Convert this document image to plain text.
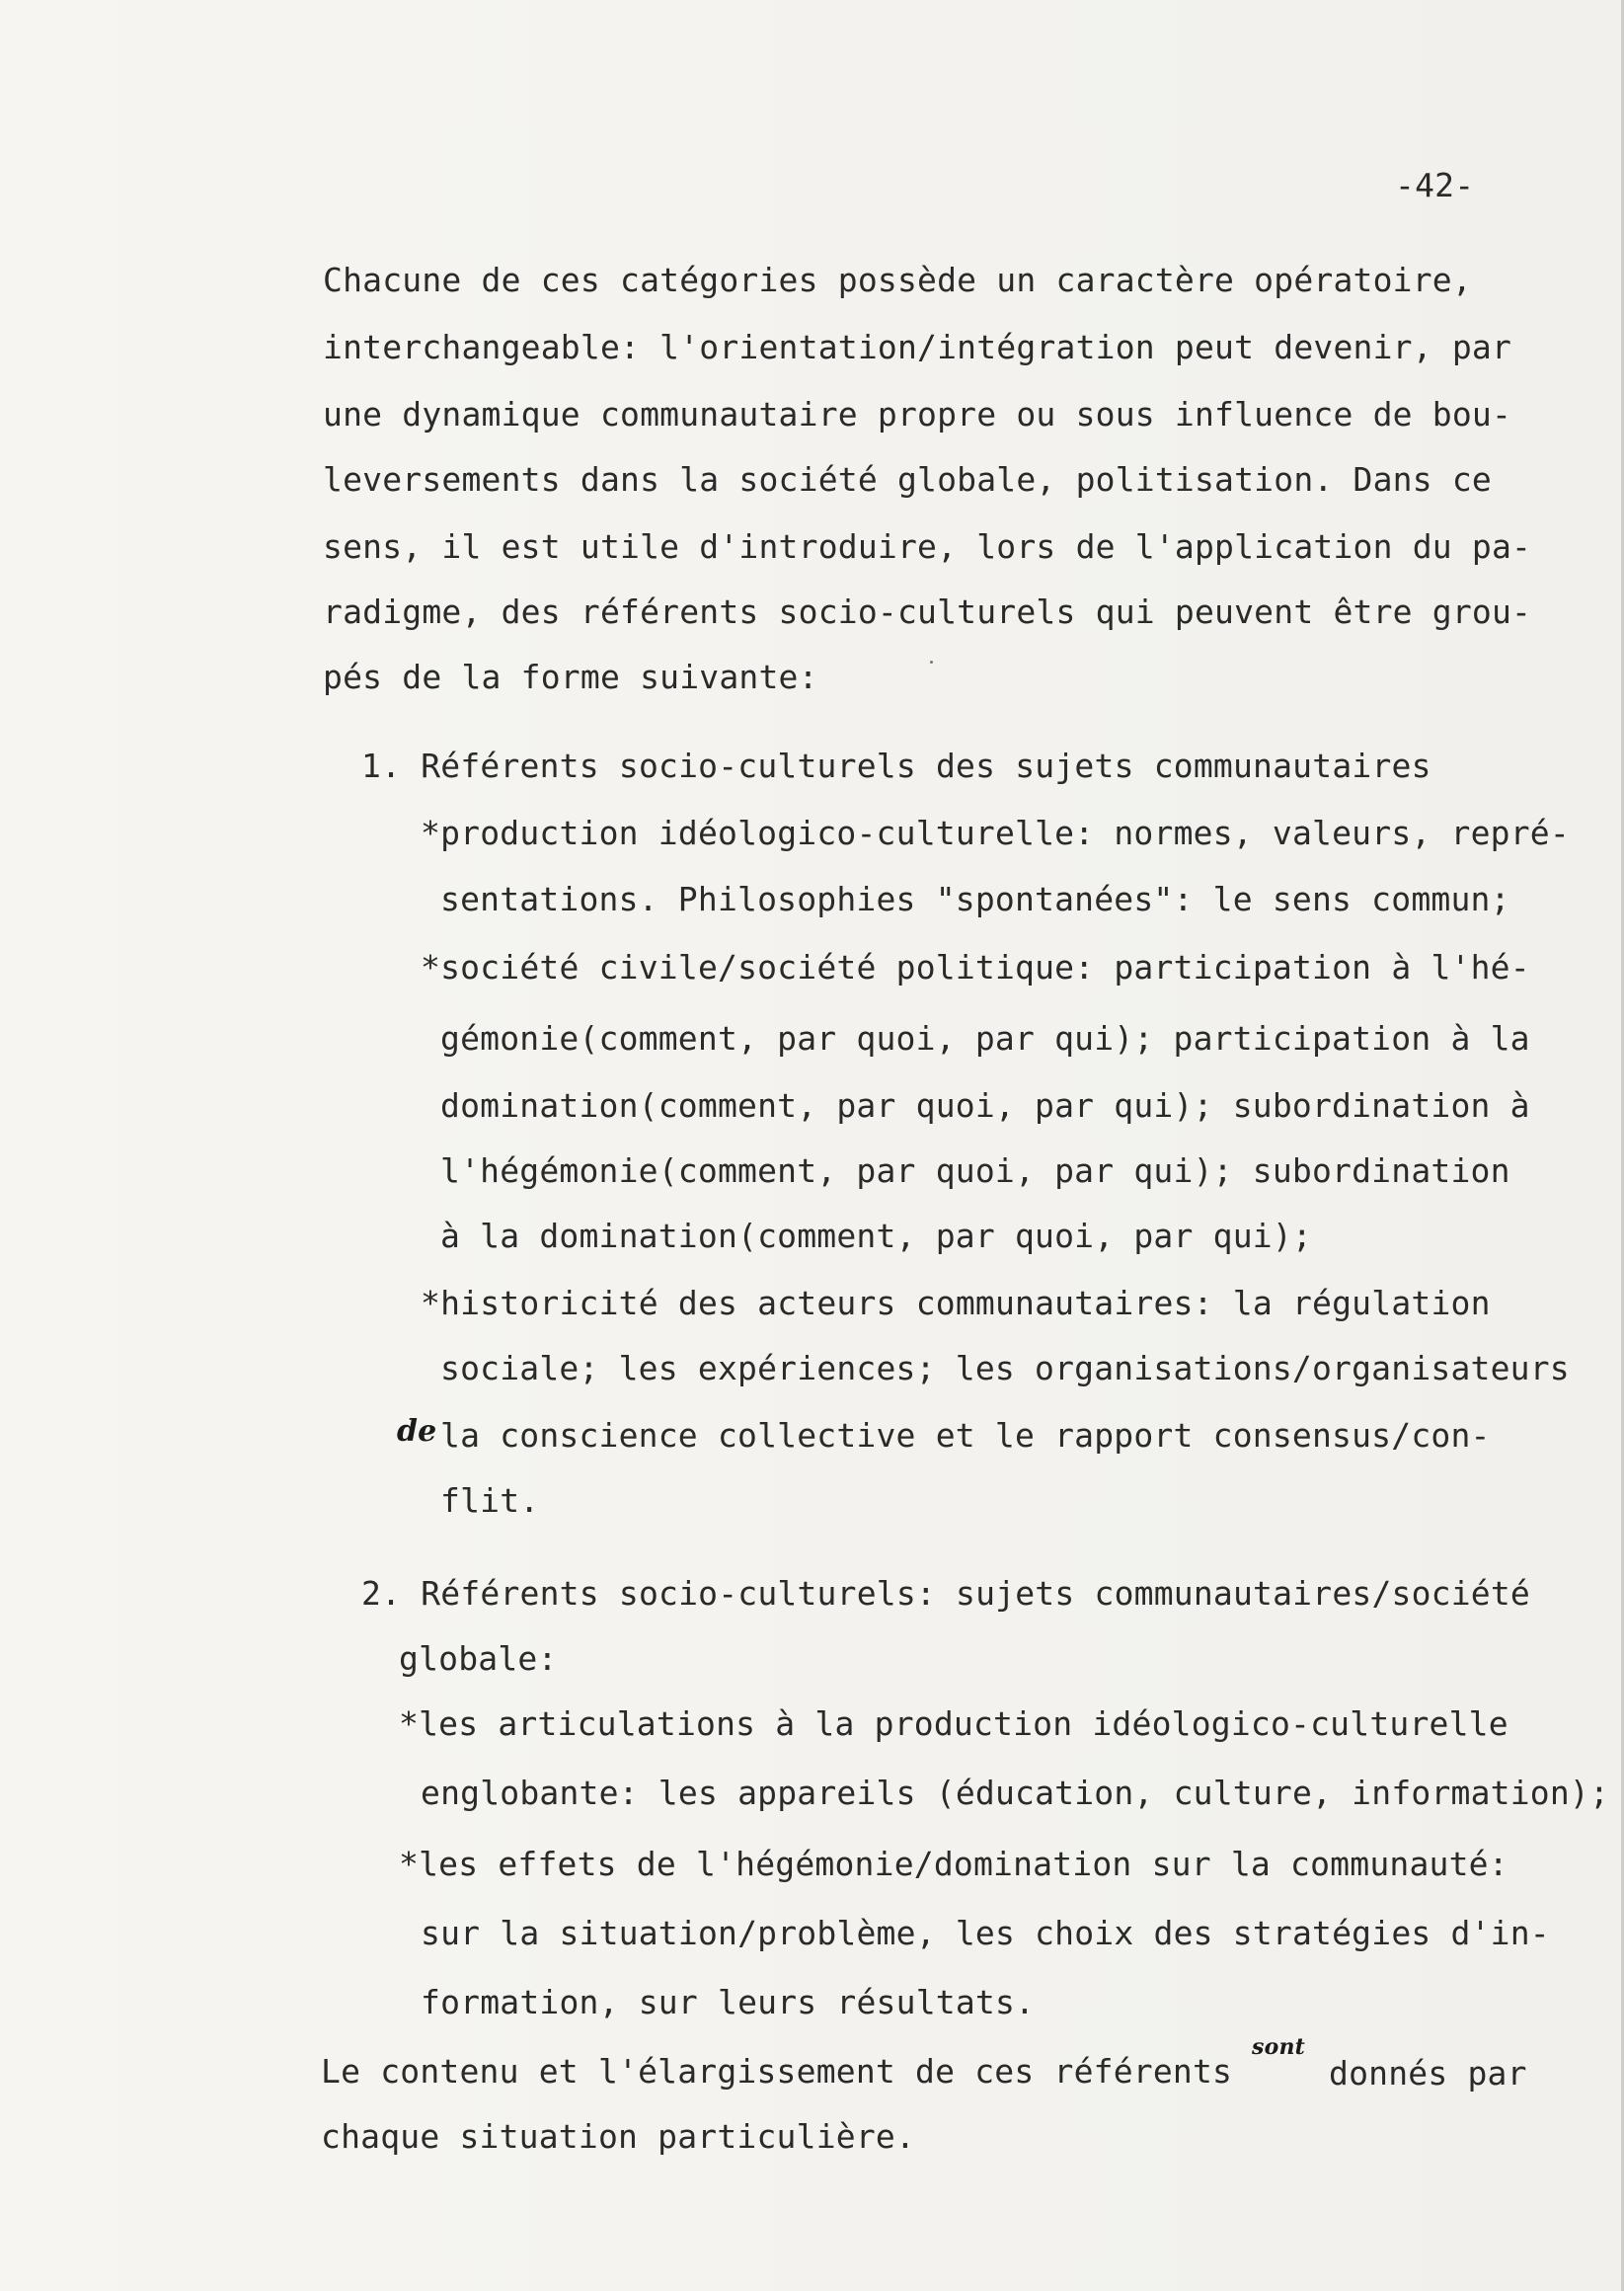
-42-
Chacune de ces catégories possède un caractère opératoire,
interchangeable: l'orientation/intégration peut devenir, par
une dynamique communautaire propre ou sous influence de bou-
leversements dans la société globale, politisation. Dans ce
sens, il est utile d'introduire, lors de l'application du pa-
radigme, des référents socio-culturels qui peuvent être grou-
pés de la forme suivante:
1. Référents socio-culturels des sujets communautaires
*production idéologico-culturelle: normes, valeurs, repré-
sentations. Philosophies "spontanées": le sens commun;
*société civile/société politique: participation à l'hé-
gémonie(comment, par quoi, par qui); participation à la
domination(comment, par quoi, par qui); subordination à
l'hégémonie(comment, par quoi, par qui); subordination
à la domination(comment, par quoi, par qui);
*historicité des acteurs communautaires: la régulation
sociale; les expériences; les organisations/organisateurs
de la conscience collective et le rapport consensus/con-
flit.
2. Référents socio-culturels: sujets communautaires/société
globale:
*les articulations à la production idéologico-culturelle
englobante: les appareils (éducation, culture, information);
*les effets de l'hégémonie/domination sur la communauté:
sur la situation/problème, les choix des stratégies d'in-
formation, sur leurs résultats.
Le contenu et l'élargissement de ces référents
sont
donnés par
chaque situation particulière.
